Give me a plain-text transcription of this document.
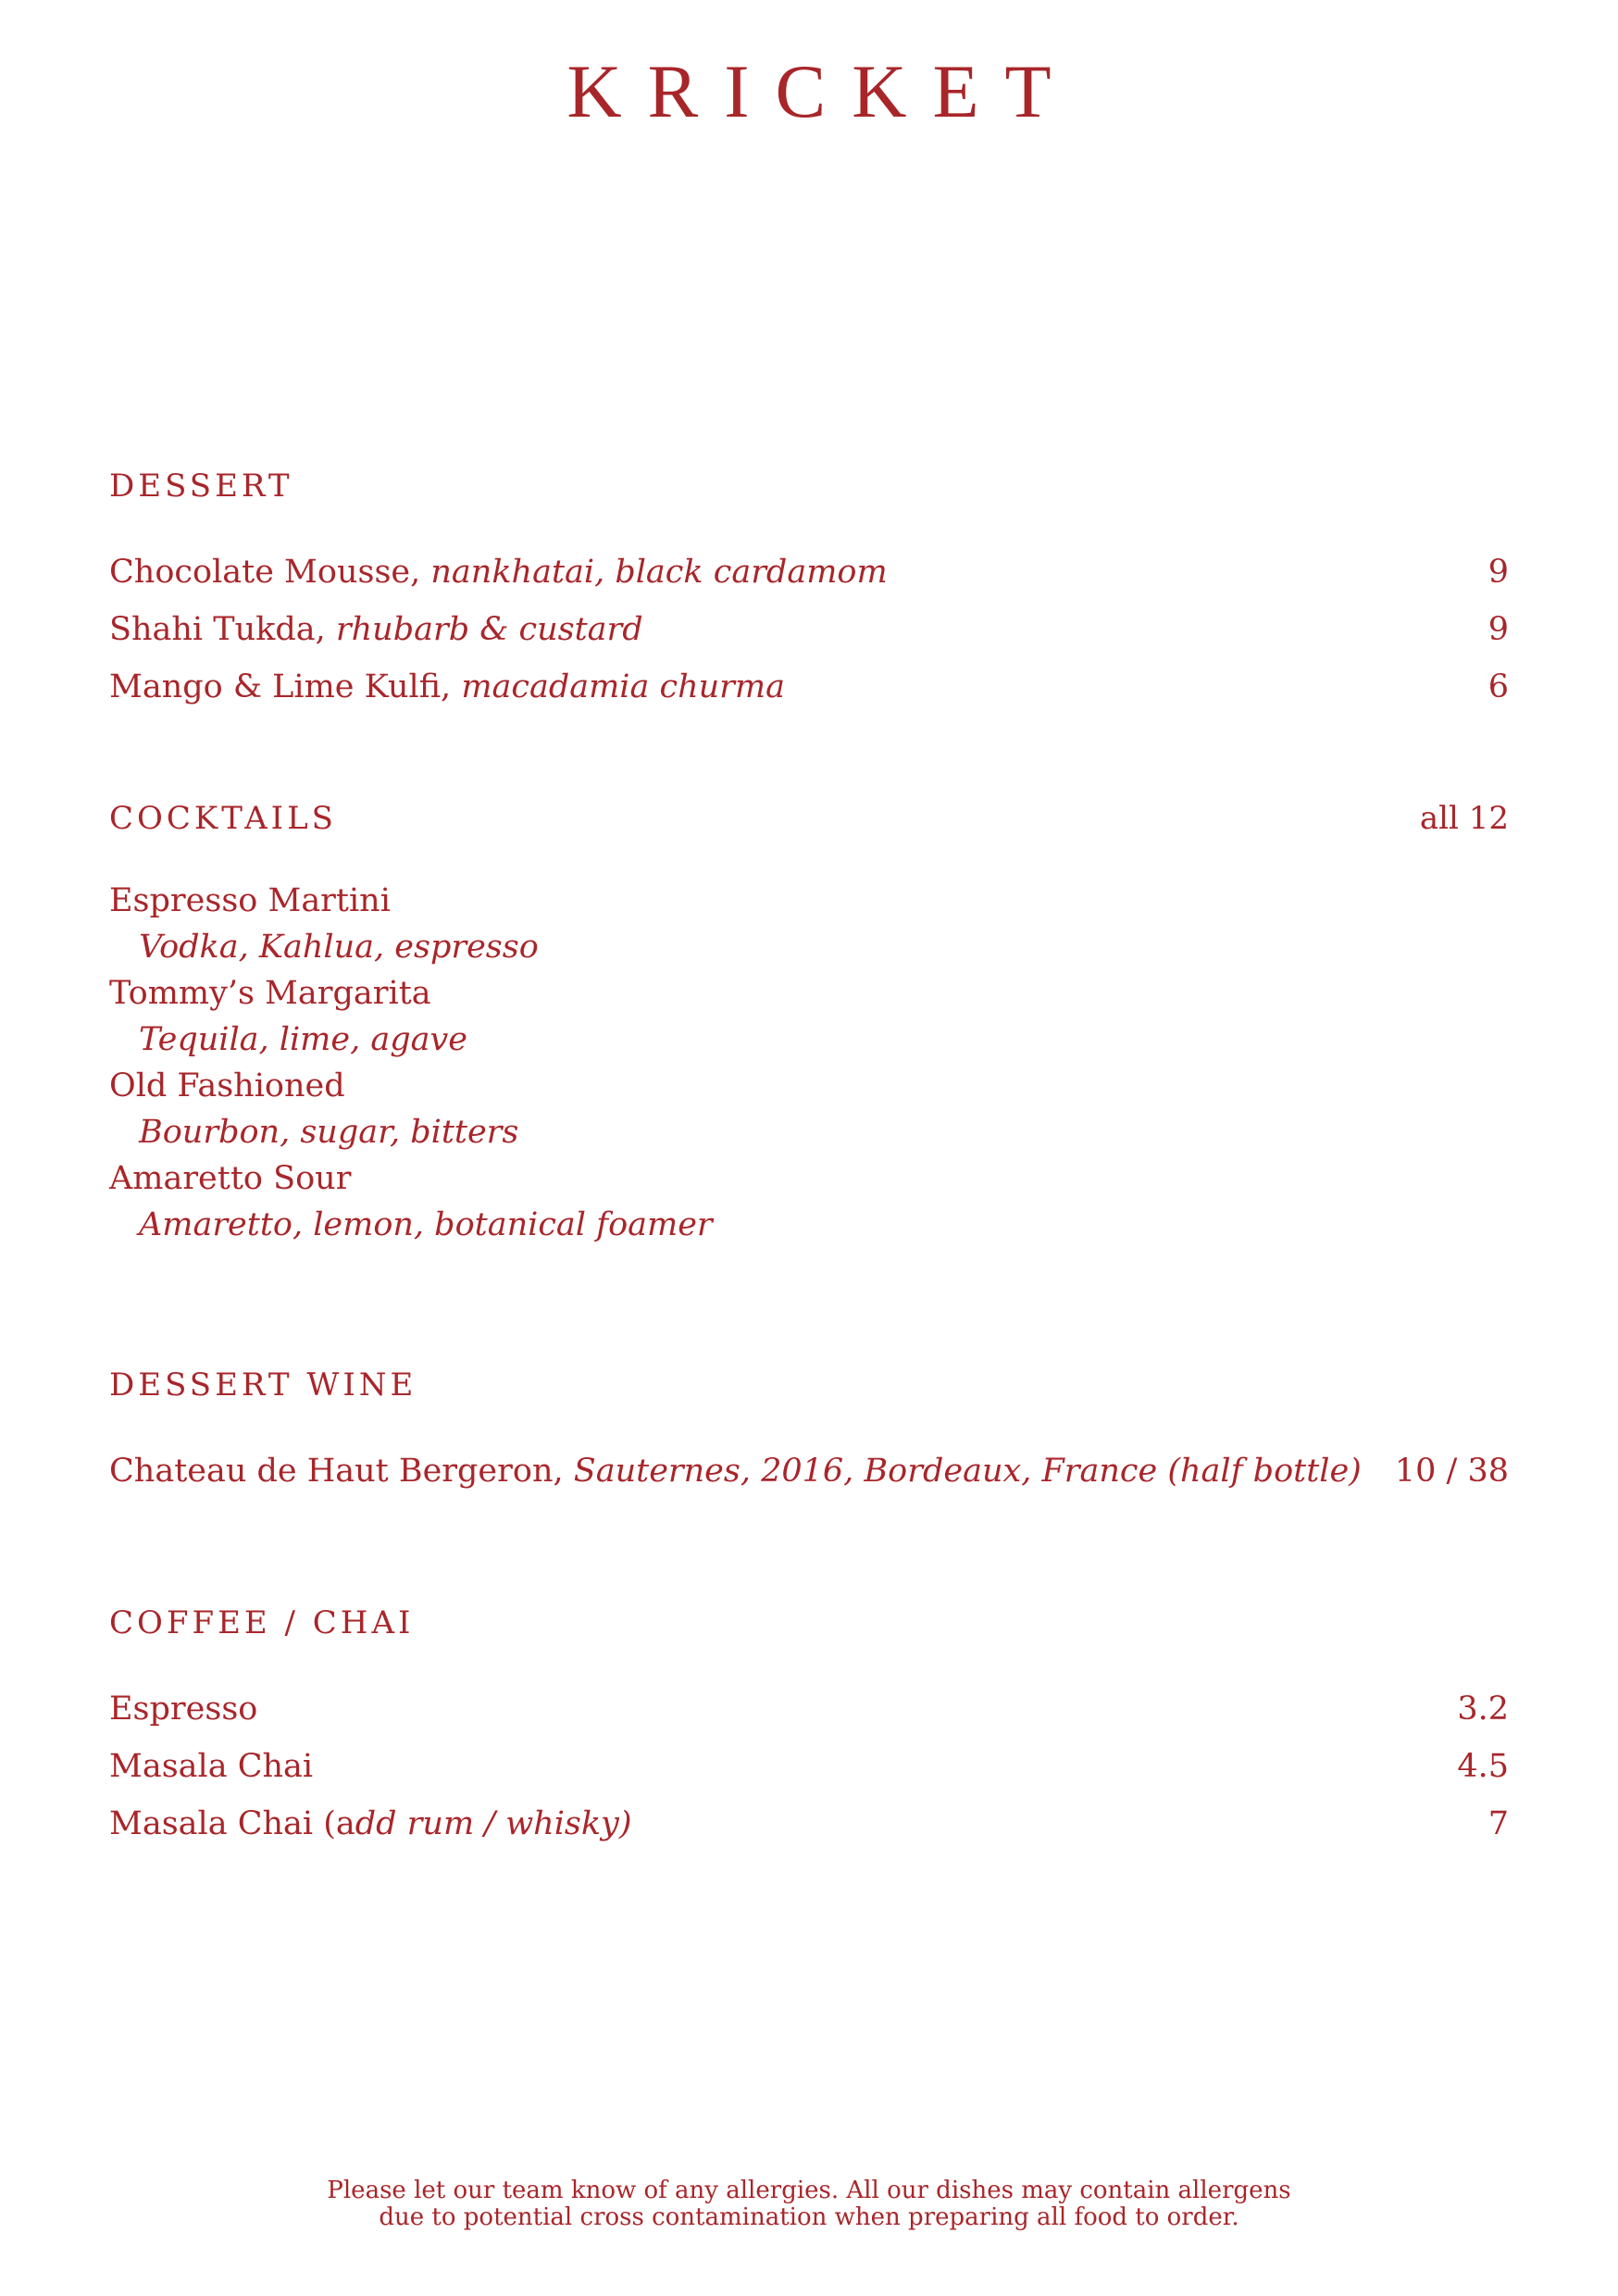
KRICKET
DESSERT
Chocolate Mousse, nankhatai, black cardamom	9
Shahi Tukda, rhubarb & custard	9
Mango & Lime Kulfi, macadamia churma	6
COCKTAILS	all 12
Espresso Martini
Vodka, Kahlua, espresso
Tommy’s Margarita
Tequila, lime, agave
Old Fashioned
Bourbon, sugar, bitters
Amaretto Sour
Amaretto, lemon, botanical foamer
DESSERT WINE
Chateau de Haut Bergeron, Sauternes, 2016, Bordeaux, France (half bottle) 10 / 38
COFFEE / CHAI
Espresso	3.2
Masala Chai	4.5
Masala Chai (add rum / whisky)	7
Please let our team know of any allergies. All our dishes may contain allergens
due to potential cross contamination when preparing all food to order.
